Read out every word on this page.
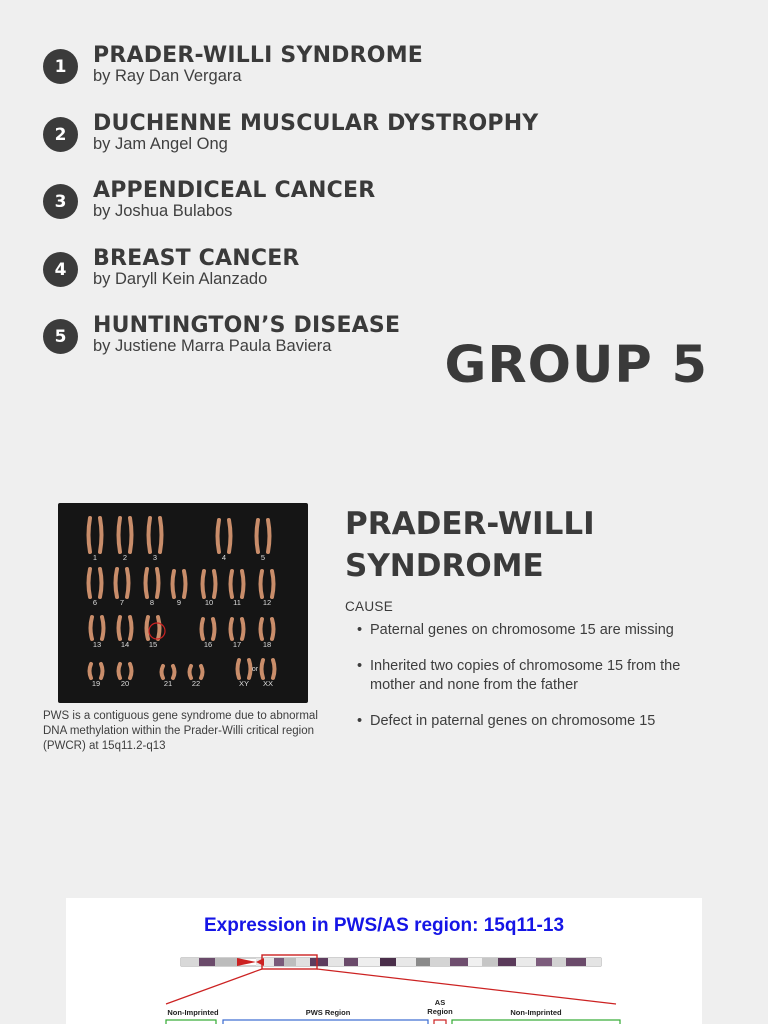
1	PRADER-WILLI SYNDROME
by Ray Dan Vergara
2	DUCHENNE MUSCULAR DYSTROPHY
by Jam Angel Ong
3	APPENDICEAL CANCER
by Joshua Bulabos
4	BREAST CANCER
by Daryll Kein Alanzado
5	HUNTINGTON’S DISEASE
by Justiene Marra Paula Baviera GROUP 5
1	2	3	4	5
6	7	8	9	10	11	12
13	14	15	16	17	18
19	20	21	22	XY
or
XX
PWS is a contiguous gene syndrome due to abnormal DNA methylation within the Prader-Willi critical region (PWCR) at 15q11.2-q13
PRADER-WILLI
SYNDROME
CAUSE
• Paternal genes on chromosome 15 are missing
• Inherited two copies of chromosome 15 from the mother and none from the father
• Defect in paternal genes on chromosome 15
Expression in PWS/AS region: 15q11-13
Non-Imprinted	PWS Region
AS Region	Non-Imprinted
